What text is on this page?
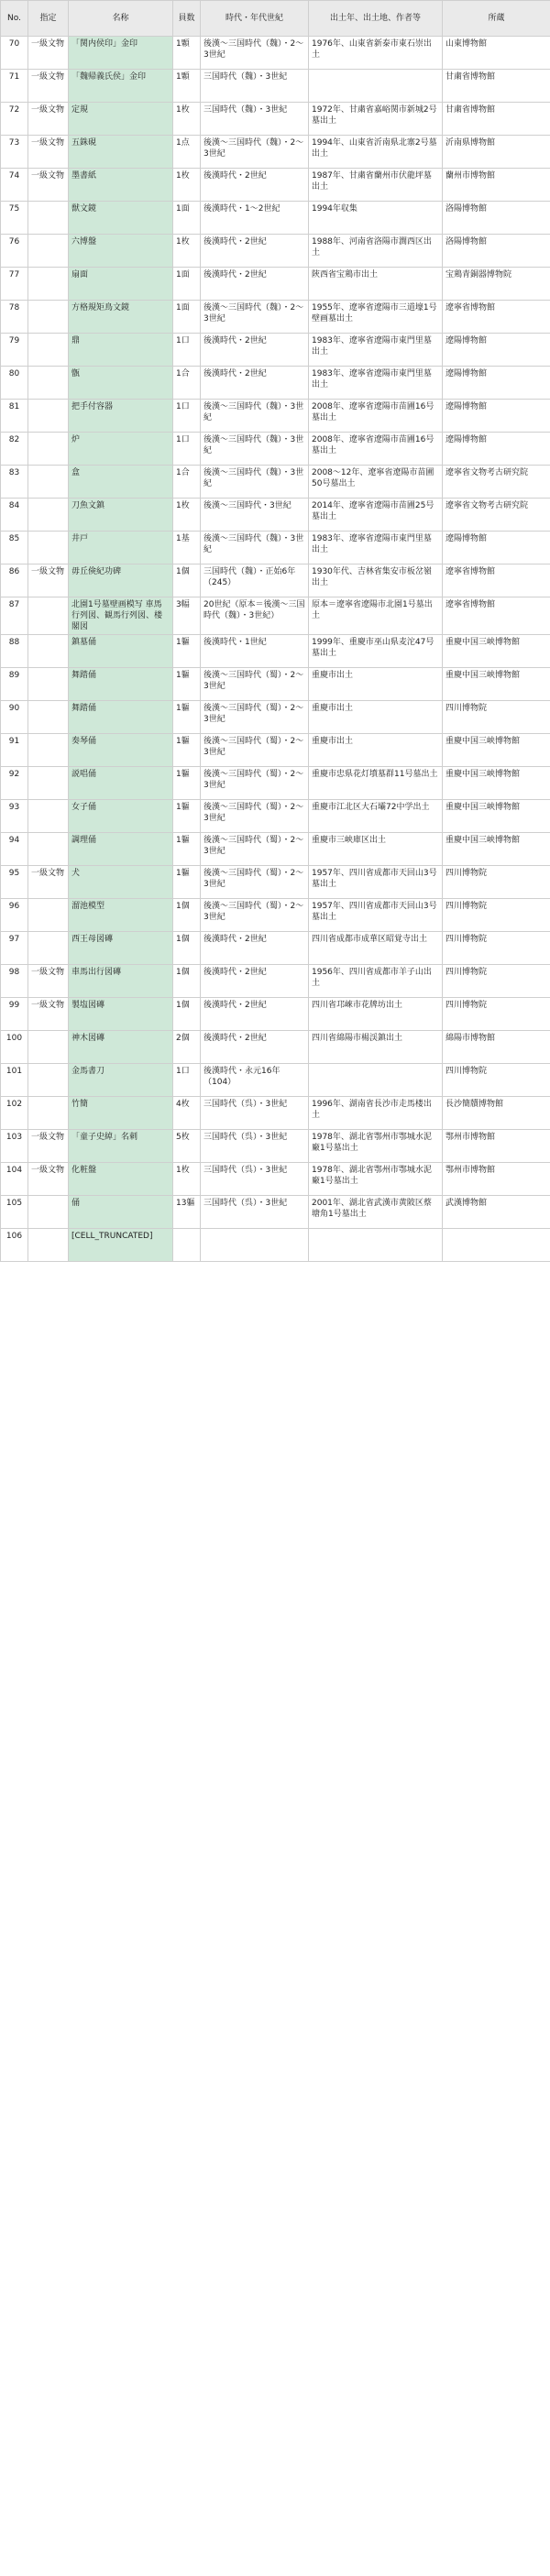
No.	指定	名称	員数	時代・年代世紀	出土年、出土地、作者等	所蔵
70	一級文物	「関内侯印」金印	1顆	後漢〜三国時代（魏）・2〜3世紀	1976年、山東省新泰市東石崇出土	山東博物館
71	一級文物	「魏帰義氏侯」金印	1顆	三国時代（魏）・3世紀		甘粛省博物館
72	一級文物	定規	1枚	三国時代（魏）・3世紀	1972年、甘粛省嘉峪関市新城2号墓出土	甘粛省博物館
73	一級文物	五銖硯	1点	後漢〜三国時代（魏）・2〜3世紀	1994年、山東省沂南県北寨2号墓出土	沂南県博物館
74	一級文物	墨書紙	1枚	後漢時代・2世紀	1987年、甘粛省蘭州市伏龍坪墓出土	蘭州市博物館
75		獣文鏡	1面	後漢時代・1〜2世紀	1994年収集	洛陽博物館
76		六博盤	1枚	後漢時代・2世紀	1988年、河南省洛陽市澗西区出土	洛陽博物館
77		扇面	1面	後漢時代・2世紀	陝西省宝鶏市出土	宝鶏青銅器博物院
78		方格規矩鳥文鏡	1面	後漢〜三国時代（魏）・2〜3世紀	1955年、遼寧省遼陽市三道壕1号壁画墓出土	遼寧省博物館
79		鼎	1口	後漢時代・2世紀	1983年、遼寧省遼陽市東門里墓出土	遼陽博物館
80		甑	1合	後漢時代・2世紀	1983年、遼寧省遼陽市東門里墓出土	遼陽博物館
81		把手付容器	1口	後漢〜三国時代（魏）・3世紀	2008年、遼寧省遼陽市苗圃16号墓出土	遼陽博物館
82		炉	1口	後漢〜三国時代（魏）・3世紀	2008年、遼寧省遼陽市苗圃16号墓出土	遼陽博物館
83		盒	1合	後漢〜三国時代（魏）・3世紀	2008〜12年、遼寧省遼陽市苗圃50号墓出土	遼寧省文物考古研究院
84		刀魚文鎮	1枚	後漢〜三国時代・3世紀	2014年、遼寧省遼陽市苗圃25号墓出土	遼寧省文物考古研究院
85		井戸	1基	後漢〜三国時代（魏）・3世紀	1983年、遼寧省遼陽市東門里墓出土	遼陽博物館
86	一級文物	毋丘倹紀功碑	1個	三国時代（魏）・正始6年（245）	1930年代、吉林省集安市板岔嶺出土	遼寧省博物館
87		北園1号墓壁画模写 車馬行列図、観馬行列図、楼閣図	3幅	20世紀（原本＝後漢〜三国時代（魏）・3世紀）	原本＝遼寧省遼陽市北園1号墓出土	遼寧省博物館
88		鎮墓俑	1軀	後漢時代・1世紀	1999年、重慶市巫山県麦沱47号墓出土	重慶中国三峡博物館
89		舞踏俑	1軀	後漢〜三国時代（蜀）・2〜3世紀	重慶市出土	重慶中国三峡博物館
90		舞踏俑	1軀	後漢〜三国時代（蜀）・2〜3世紀	重慶市出土	四川博物院
91		奏琴俑	1軀	後漢〜三国時代（蜀）・2〜3世紀	重慶市出土	重慶中国三峡博物館
92		説唱俑	1軀	後漢〜三国時代（蜀）・2〜3世紀	重慶市忠県花灯墳墓群11号墓出土	重慶中国三峡博物館
93		女子俑	1軀	後漢〜三国時代（蜀）・2〜3世紀	重慶市江北区大石壩72中学出土	重慶中国三峡博物館
94		調理俑	1軀	後漢〜三国時代（蜀）・2〜3世紀	重慶市三峡庫区出土	重慶中国三峡博物館
95	一級文物	犬	1軀	後漢〜三国時代（蜀）・2〜3世紀	1957年、四川省成都市天回山3号墓出土	四川博物院
96		溜池模型	1個	後漢〜三国時代（蜀）・2〜3世紀	1957年、四川省成都市天回山3号墓出土	四川博物院
97		西王母図磚	1個	後漢時代・2世紀	四川省成都市成華区昭覚寺出土	四川博物院
98	一級文物	車馬出行図磚	1個	後漢時代・2世紀	1956年、四川省成都市羊子山出土	四川博物院
99	一級文物	製塩図磚	1個	後漢時代・2世紀	四川省邛崍市花牌坊出土	四川博物院
100		神木図磚	2個	後漢時代・2世紀	四川省綿陽市楊渓鎮出土	綿陽市博物館
101		金馬書刀	1口	後漢時代・永元16年（104）		四川博物院
102		竹簡	4枚	三国時代（呉）・3世紀	1996年、湖南省長沙市走馬楼出土	長沙簡牘博物館
103	一級文物	「童子史綽」名刺	5枚	三国時代（呉）・3世紀	1978年、湖北省鄂州市鄂城水泥廠1号墓出土	鄂州市博物館
104	一級文物	化粧盤	1枚	三国時代（呉）・3世紀	1978年、湖北省鄂州市鄂城水泥廠1号墓出土	鄂州市博物館
105		俑	13軀	三国時代（呉）・3世紀	2001年、湖北省武漢市黄陂区蔡塘角1号墓出土	武漢博物館
106		[CELL_TRUNCATED]				
